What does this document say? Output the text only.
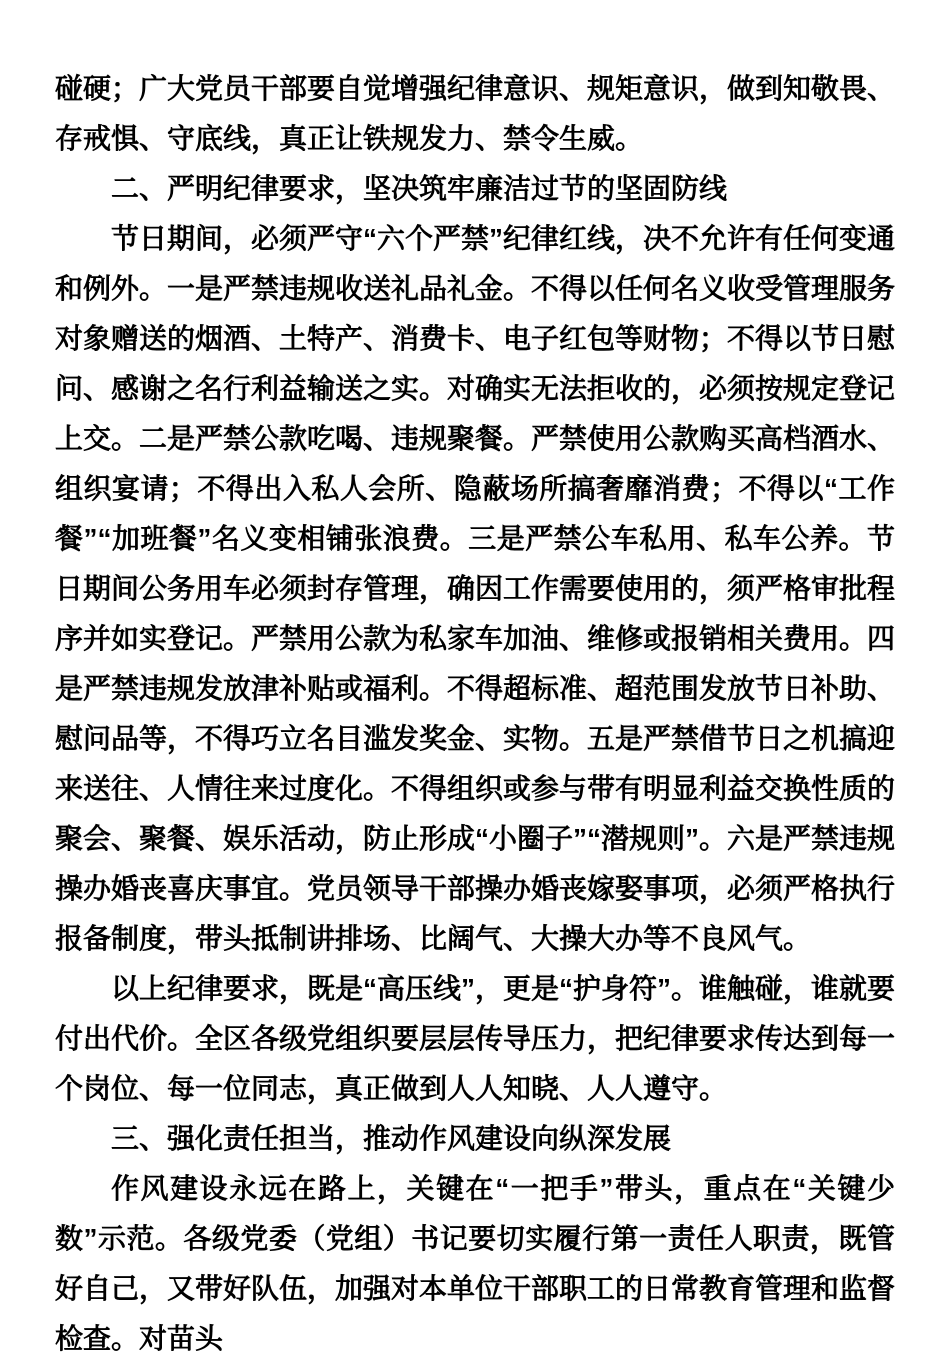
碰硬；广大党员干部要自觉增强纪律意识、规矩意识，做到知敬畏、存戒惧、守底线，真正让铁规发力、禁令生威。

二、严明纪律要求，坚决筑牢廉洁过节的坚固防线

节日期间，必须严守“六个严禁”纪律红线，决不允许有任何变通和例外。一是严禁违规收送礼品礼金。不得以任何名义收受管理服务对象赠送的烟酒、土特产、消费卡、电子红包等财物；不得以节日慰问、感谢之名行利益输送之实。对确实无法拒收的，必须按规定登记上交。二是严禁公款吃喝、违规聚餐。严禁使用公款购买高档酒水、组织宴请；不得出入私人会所、隐蔽场所搞奢靡消费；不得以“工作餐”“加班餐”名义变相铺张浪费。三是严禁公车私用、私车公养。节日期间公务用车必须封存管理，确因工作需要使用的，须严格审批程序并如实登记。严禁用公款为私家车加油、维修或报销相关费用。四是严禁违规发放津补贴或福利。不得超标准、超范围发放节日补助、慰问品等，不得巧立名目滥发奖金、实物。五是严禁借节日之机搞迎来送往、人情往来过度化。不得组织或参与带有明显利益交换性质的聚会、聚餐、娱乐活动，防止形成“小圈子”“潜规则”。六是严禁违规操办婚丧喜庆事宜。党员领导干部操办婚丧嫁娶事项，必须严格执行报备制度，带头抵制讲排场、比阔气、大操大办等不良风气。

以上纪律要求，既是“高压线”，更是“护身符”。谁触碰，谁就要付出代价。全区各级党组织要层层传导压力，把纪律要求传达到每一个岗位、每一位同志，真正做到人人知晓、人人遵守。

三、强化责任担当，推动作风建设向纵深发展

作风建设永远在路上，关键在“一把手”带头，重点在“关键少数”示范。各级党委（党组）书记要切实履行第一责任人职责，既管好自己，又带好队伍，加强对本单位干部职工的日常教育管理和监督检查。对苗头
